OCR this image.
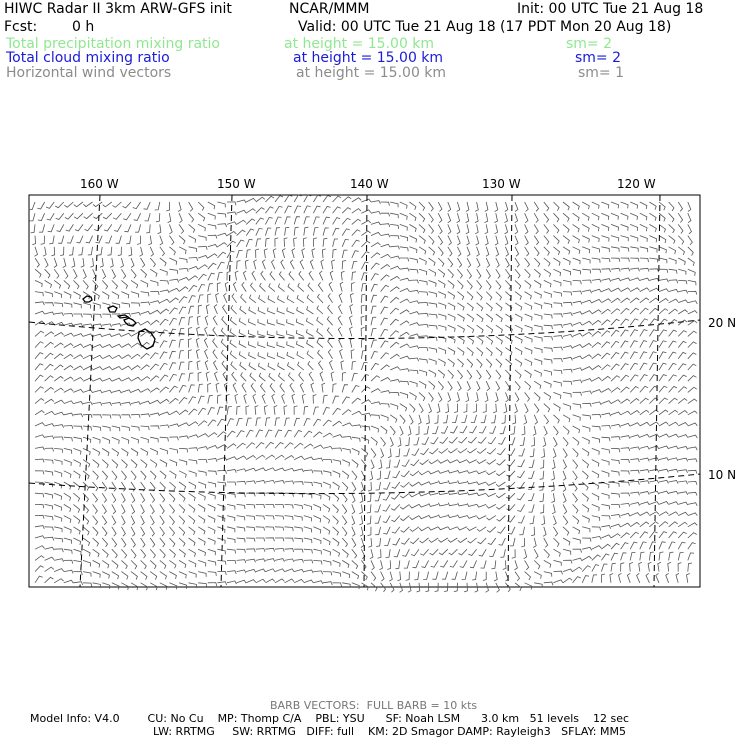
HIWC Radar II 3km ARW-GFS init	NCAR/MMM	Init: 00 UTC Tue 21 Aug 18
Fcst: 0 h	Valid: 00 UTC Tue 21 Aug 18 (17 PDT Mon 20 Aug 18)
Total precipitation mixing ratio	at height = 15.00 km	sm= 2
Total cloud mixing ratio	at height = 15.00 km	sm= 2
Horizontal wind vectors	at height = 15.00 km	sm= 1
160 W	150 W	140 W	130 W	120 W
20 N
10 N
BARB VECTORS:  FULL BARB = 10 kts
Model Info: V4.0        CU: No Cu    MP: Thomp C/A    PBL: YSU      SF: Noah LSM      3.0 km   51 levels    12 sec
LW: RRTMG     SW: RRTMG   DIFF: full    KM: 2D Smagor DAMP: Rayleigh3   SFLAY: MM5
